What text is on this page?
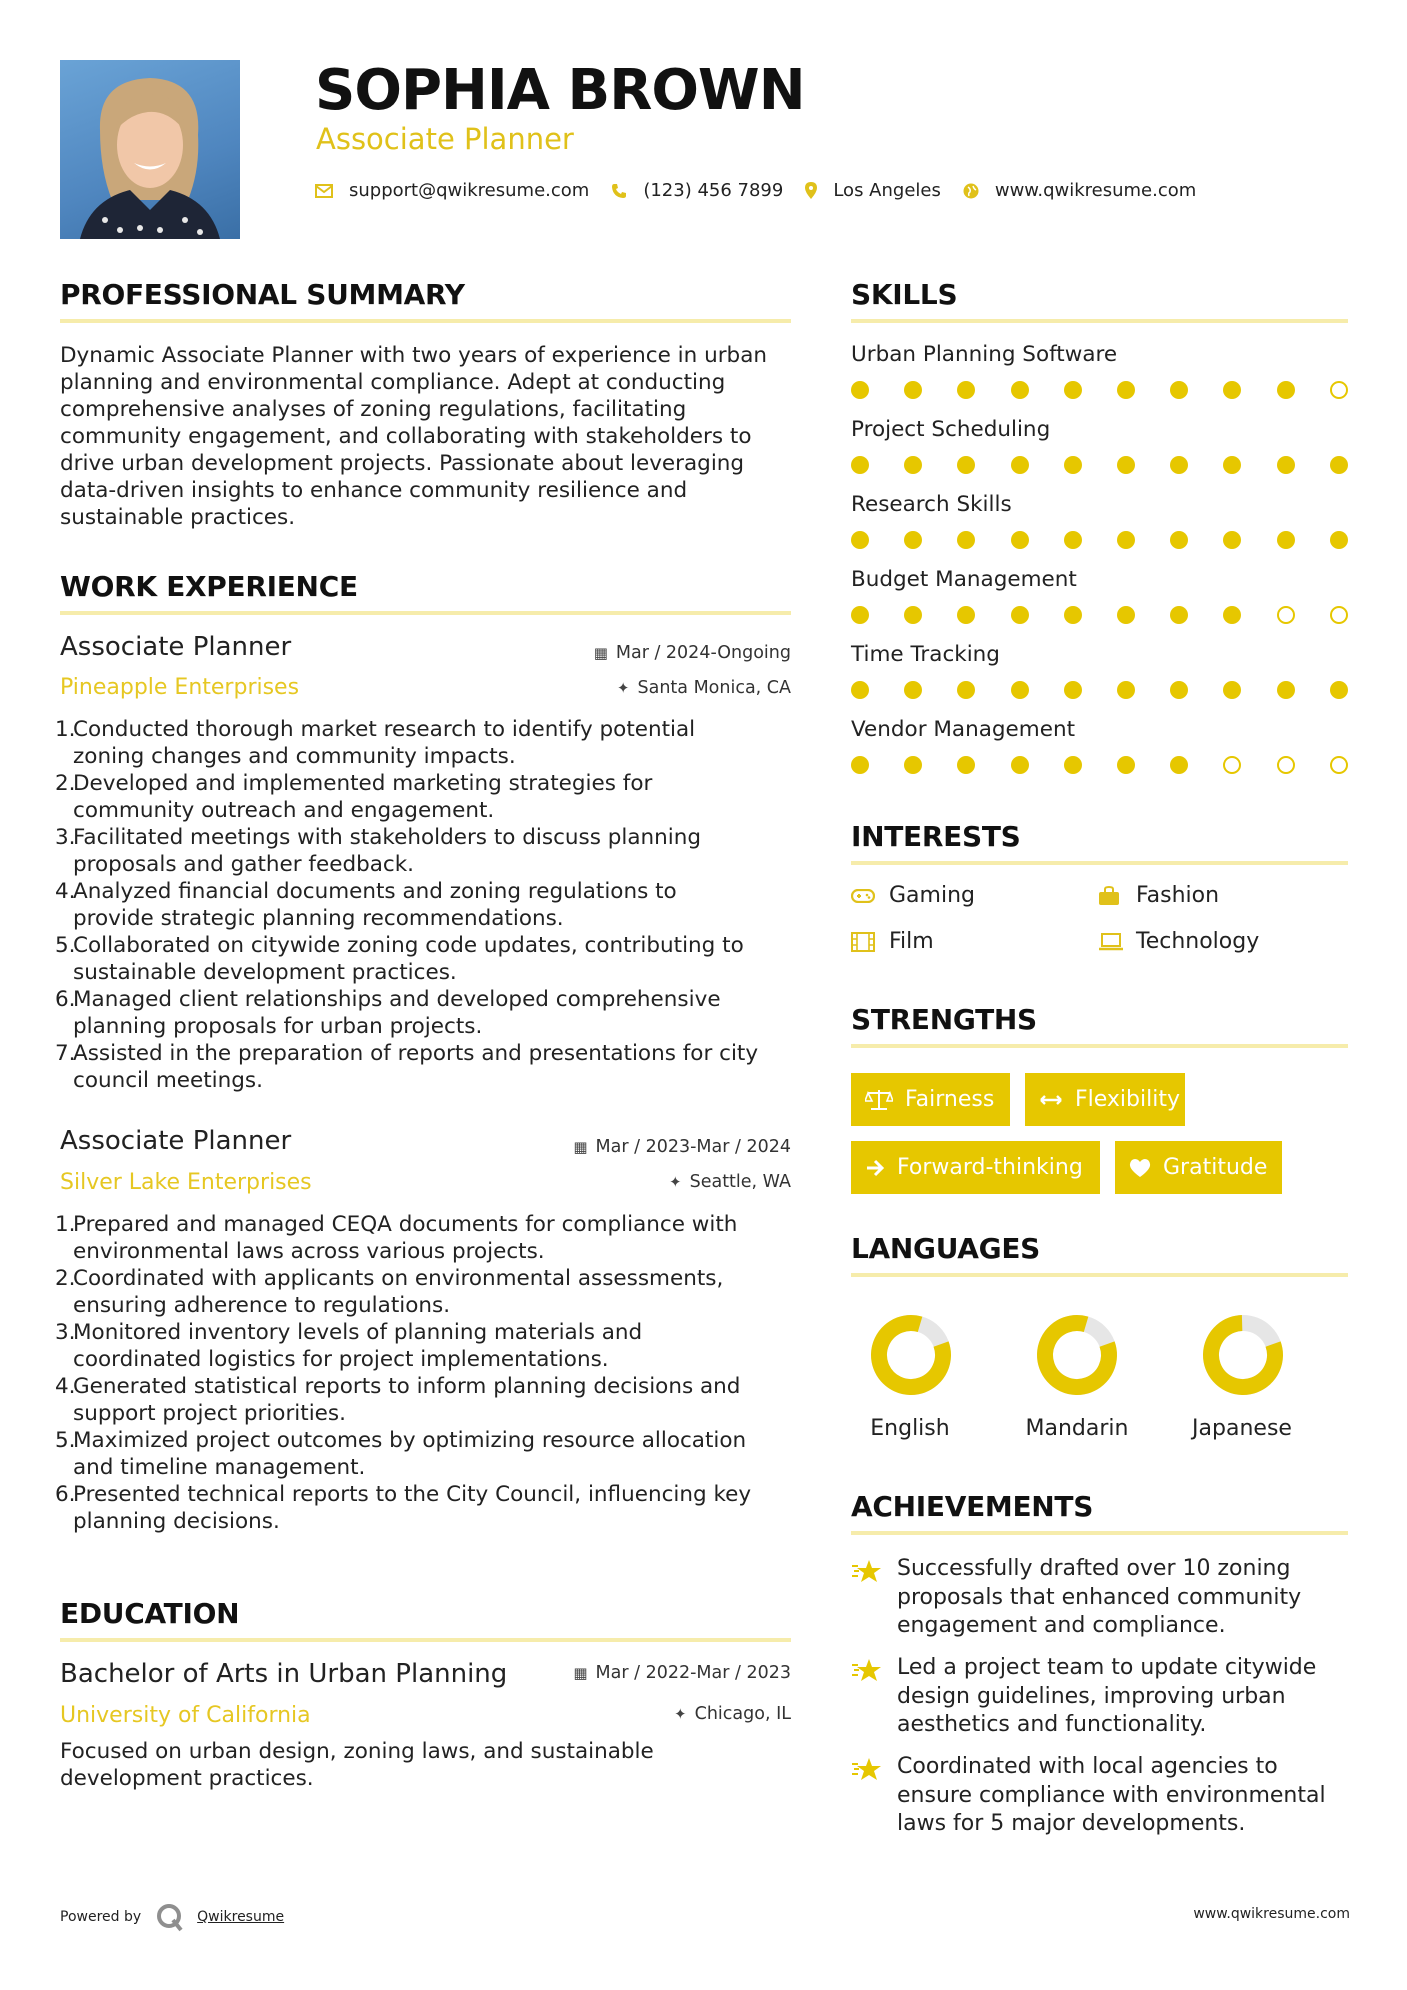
SOPHIA BROWN
Associate Planner
support@qwikresume.com	(123) 456 7899	Los Angeles	www.qwikresume.com
PROFESSIONAL SUMMARY
Dynamic Associate Planner with two years of experience in urban
planning and environmental compliance. Adept at conducting
comprehensive analyses of zoning regulations, facilitating
community engagement, and collaborating with stakeholders to
drive urban development projects. Passionate about leveraging
data-driven insights to enhance community resilience and
sustainable practices.
WORK EXPERIENCE
Associate Planner	▦ Mar / 2024-Ongoing
Pineapple Enterprises	✦ Santa Monica, CA
1.
Conducted thorough market research to identify potential
zoning changes and community impacts.
2.
Developed and implemented marketing strategies for
community outreach and engagement.
3.
Facilitated meetings with stakeholders to discuss planning
proposals and gather feedback.
4.
Analyzed financial documents and zoning regulations to
provide strategic planning recommendations.
5.
Collaborated on citywide zoning code updates, contributing to
sustainable development practices.
6.
Managed client relationships and developed comprehensive
planning proposals for urban projects.
7.
Assisted in the preparation of reports and presentations for city
council meetings.
Associate Planner	▦ Mar / 2023-Mar / 2024
Silver Lake Enterprises	✦ Seattle, WA
1.
Prepared and managed CEQA documents for compliance with
environmental laws across various projects.
2.
Coordinated with applicants on environmental assessments,
ensuring adherence to regulations.
3.
Monitored inventory levels of planning materials and
coordinated logistics for project implementations.
4.
Generated statistical reports to inform planning decisions and
support project priorities.
5.
Maximized project outcomes by optimizing resource allocation
and timeline management.
6.
Presented technical reports to the City Council, influencing key
planning decisions.
EDUCATION
Bachelor of Arts in Urban Planning	▦ Mar / 2022-Mar / 2023
University of California	✦ Chicago, IL
Focused on urban design, zoning laws, and sustainable
development practices.
SKILLS
Urban Planning Software
Project Scheduling
Research Skills
Budget Management
Time Tracking
Vendor Management
INTERESTS
Gaming	Fashion
Film	Technology
STRENGTHS
Fairness	Flexibility
Forward-thinking	Gratitude
LANGUAGES
English	Mandarin	Japanese
ACHIEVEMENTS
Successfully drafted over 10 zoning
proposals that enhanced community
engagement and compliance.
Led a project team to update citywide
design guidelines, improving urban
aesthetics and functionality.
Coordinated with local agencies to
ensure compliance with environmental
laws for 5 major developments.
Powered by	Qwikresume	www.qwikresume.com
